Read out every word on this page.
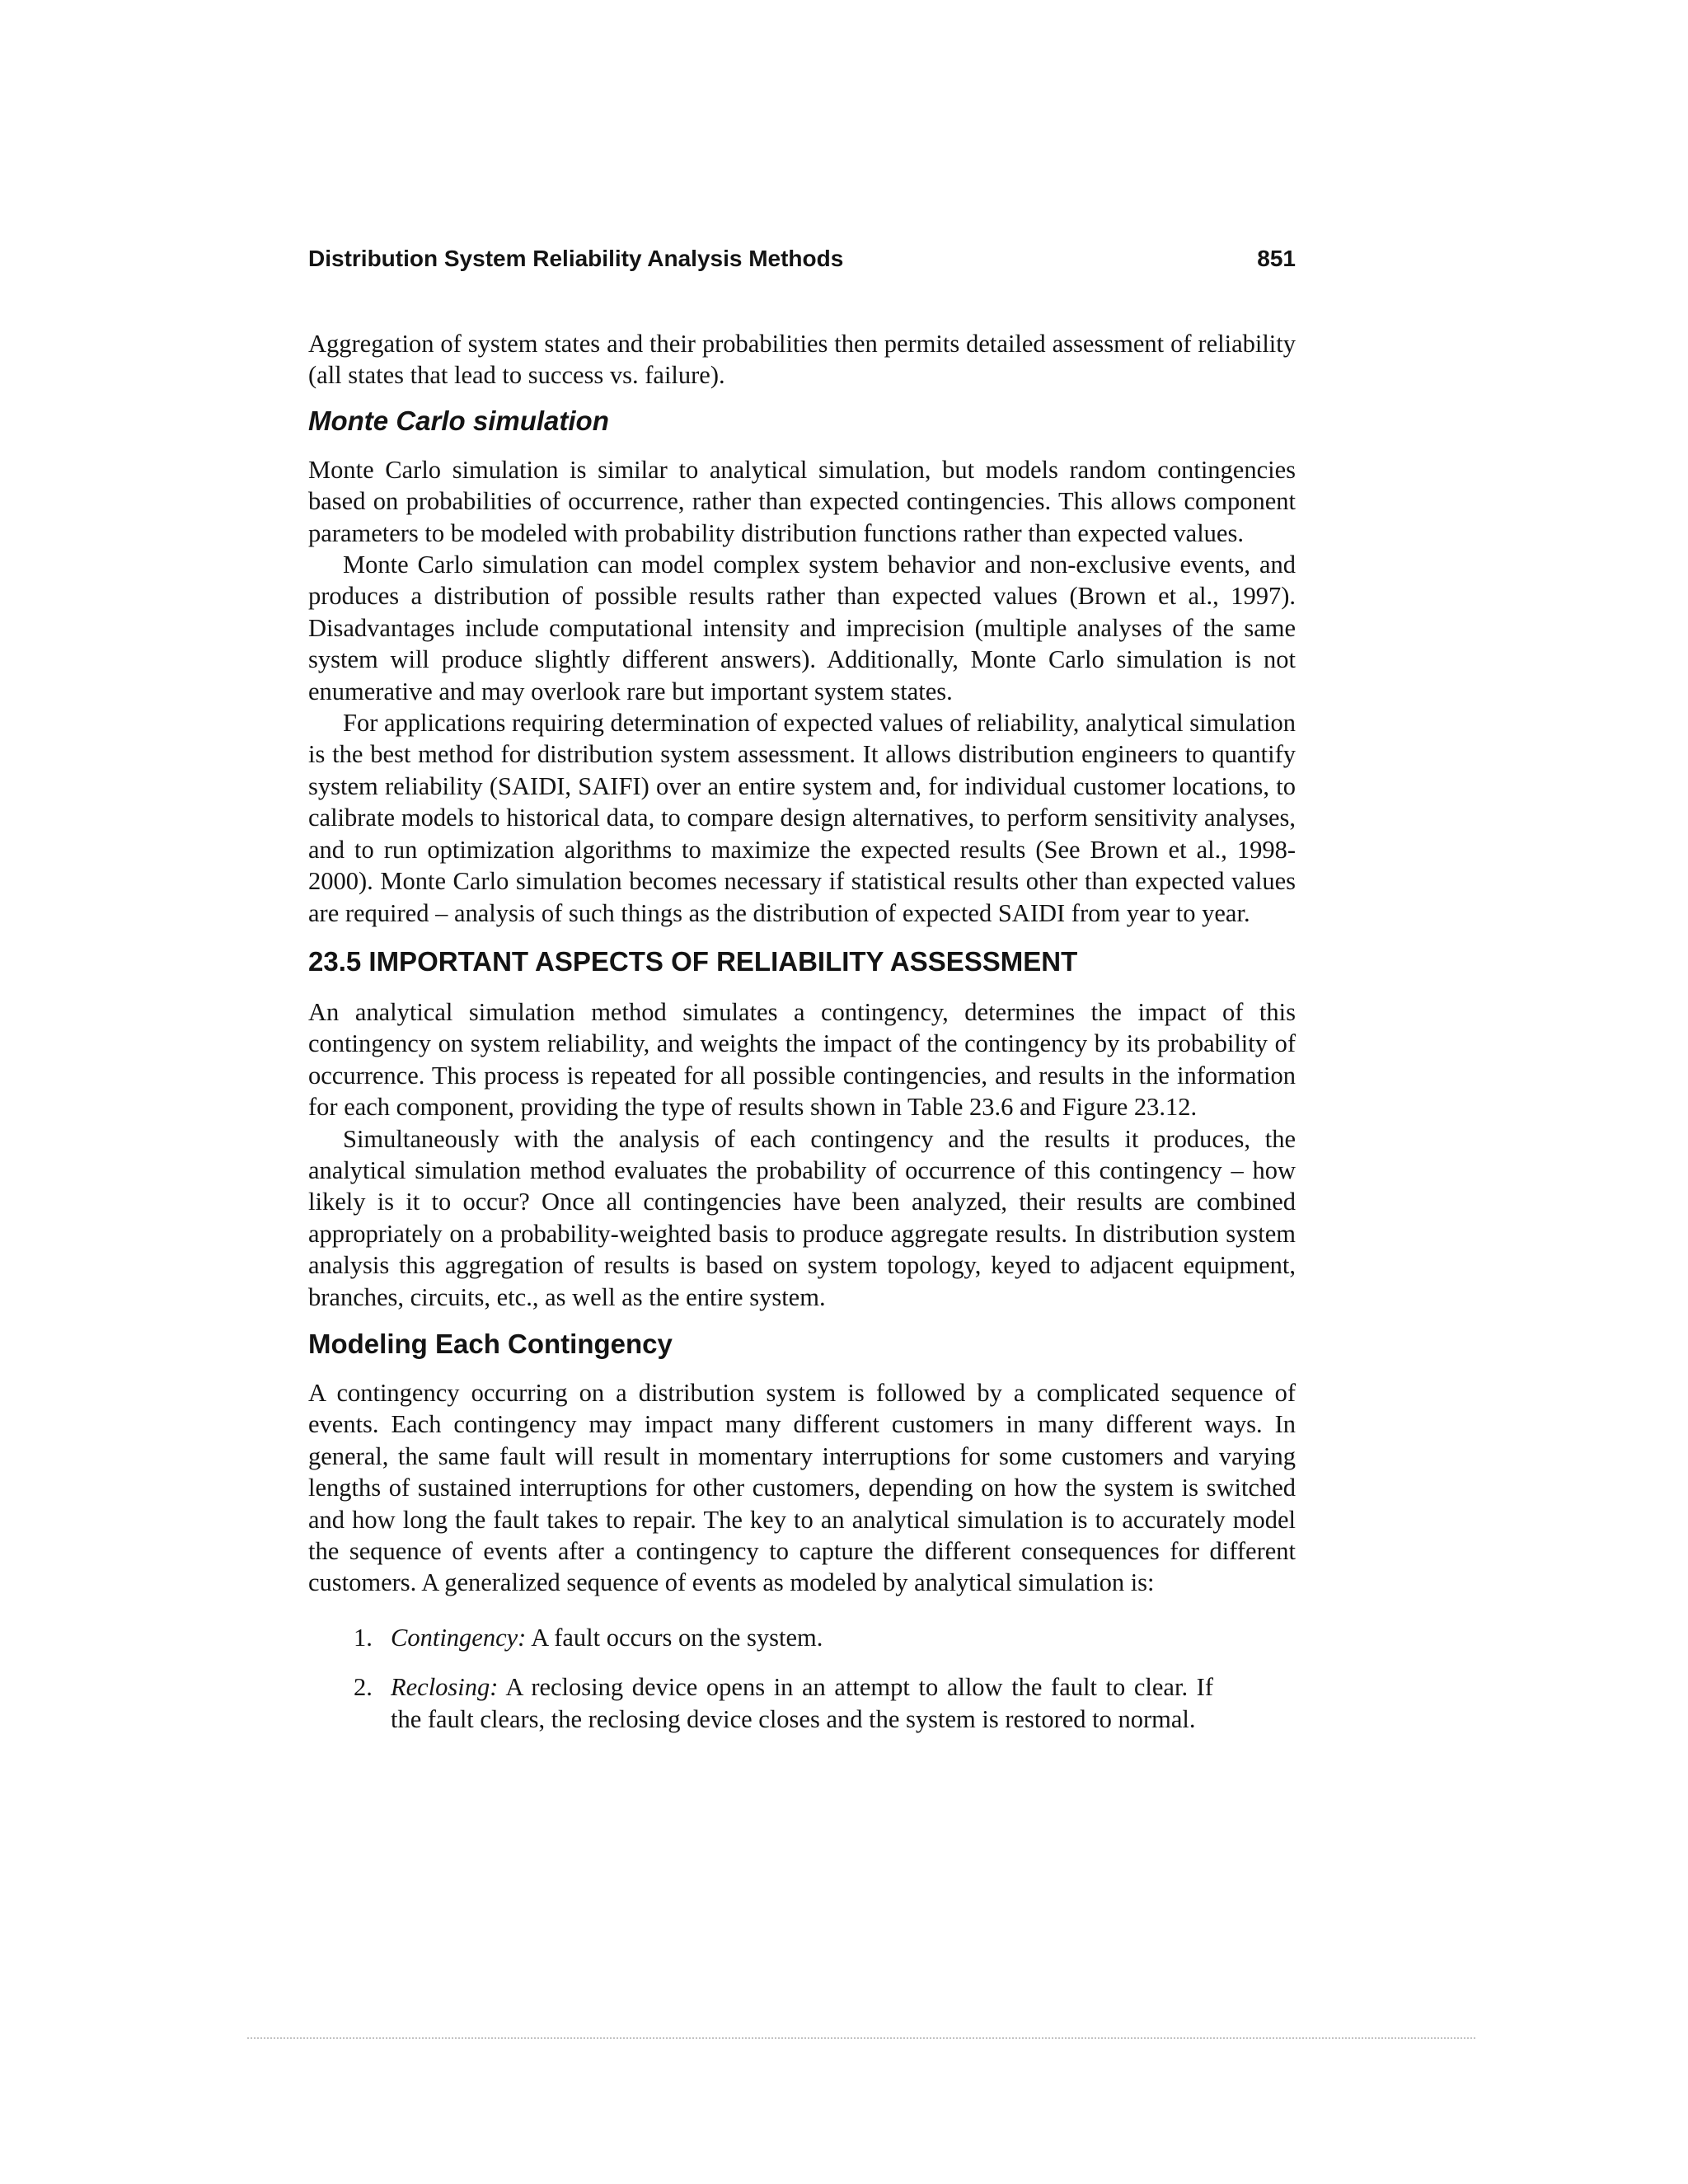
Distribution System Reliability Analysis Methods	851

Aggregation of system states and their probabilities then permits detailed assessment of reliability (all states that lead to success vs. failure).

Monte Carlo simulation

Monte Carlo simulation is similar to analytical simulation, but models random contingencies based on probabilities of occurrence, rather than expected contingencies. This allows component parameters to be modeled with probability distribution functions rather than expected values.

Monte Carlo simulation can model complex system behavior and non-exclusive events, and produces a distribution of possible results rather than expected values (Brown et al., 1997). Disadvantages include computational intensity and imprecision (multiple analyses of the same system will produce slightly different answers). Additionally, Monte Carlo simulation is not enumerative and may overlook rare but important system states.

For applications requiring determination of expected values of reliability, analytical simulation is the best method for distribution system assessment. It allows distribution engineers to quantify system reliability (SAIDI, SAIFI) over an entire system and, for individual customer locations, to calibrate models to historical data, to compare design alternatives, to perform sensitivity analyses, and to run optimization algorithms to maximize the expected results (See Brown et al., 1998-2000). Monte Carlo simulation becomes necessary if statistical results other than expected values are required – analysis of such things as the distribution of expected SAIDI from year to year.

23.5 IMPORTANT ASPECTS OF RELIABILITY ASSESSMENT

An analytical simulation method simulates a contingency, determines the impact of this contingency on system reliability, and weights the impact of the contingency by its probability of occurrence. This process is repeated for all possible contingencies, and results in the information for each component, providing the type of results shown in Table 23.6 and Figure 23.12.

Simultaneously with the analysis of each contingency and the results it produces, the analytical simulation method evaluates the probability of occurrence of this contingency – how likely is it to occur? Once all contingencies have been analyzed, their results are combined appropriately on a probability-weighted basis to produce aggregate results. In distribution system analysis this aggregation of results is based on system topology, keyed to adjacent equipment, branches, circuits, etc., as well as the entire system.

Modeling Each Contingency

A contingency occurring on a distribution system is followed by a complicated sequence of events. Each contingency may impact many different customers in many different ways. In general, the same fault will result in momentary interruptions for some customers and varying lengths of sustained interruptions for other customers, depending on how the system is switched and how long the fault takes to repair. The key to an analytical simulation is to accurately model the sequence of events after a contingency to capture the different consequences for different customers. A generalized sequence of events as modeled by analytical simulation is:

1. Contingency: A fault occurs on the system.

2. Reclosing: A reclosing device opens in an attempt to allow the fault to clear. If the fault clears, the reclosing device closes and the system is restored to normal.
